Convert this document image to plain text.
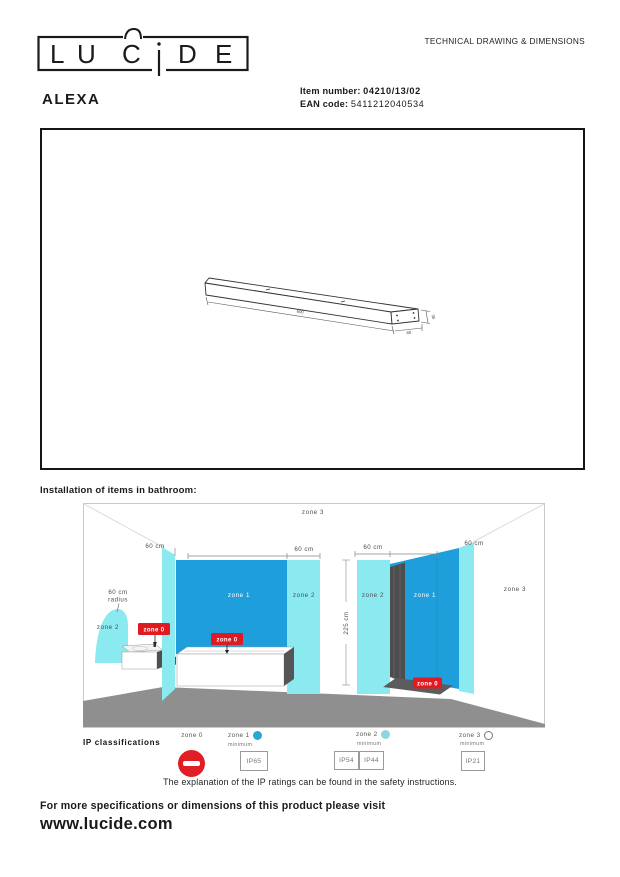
L U C D E	TECHNICAL DRAWING & DIMENSIONS
ALEXA	Item number: 04210/13/02
EAN code: 5411212040534
600
35
80
Installation of items in bathroom:
225 cm
60 cm	60 cm	60 cm
60 cm
60 cm
radius
zone 3
zone 1	zone 2	zone 2	zone 1
zone 3
zone 2	zone 0
zone 0
zone 0
IP classifications
zone 0	zone 1
minimum
IP65
zone 2
minimum
IP54	IP44
zone 3
minimum
IP21
The explanation of the IP ratings can be found in the safety instructions.
For more specifications or dimensions of this product please visit
www.lucide.com
